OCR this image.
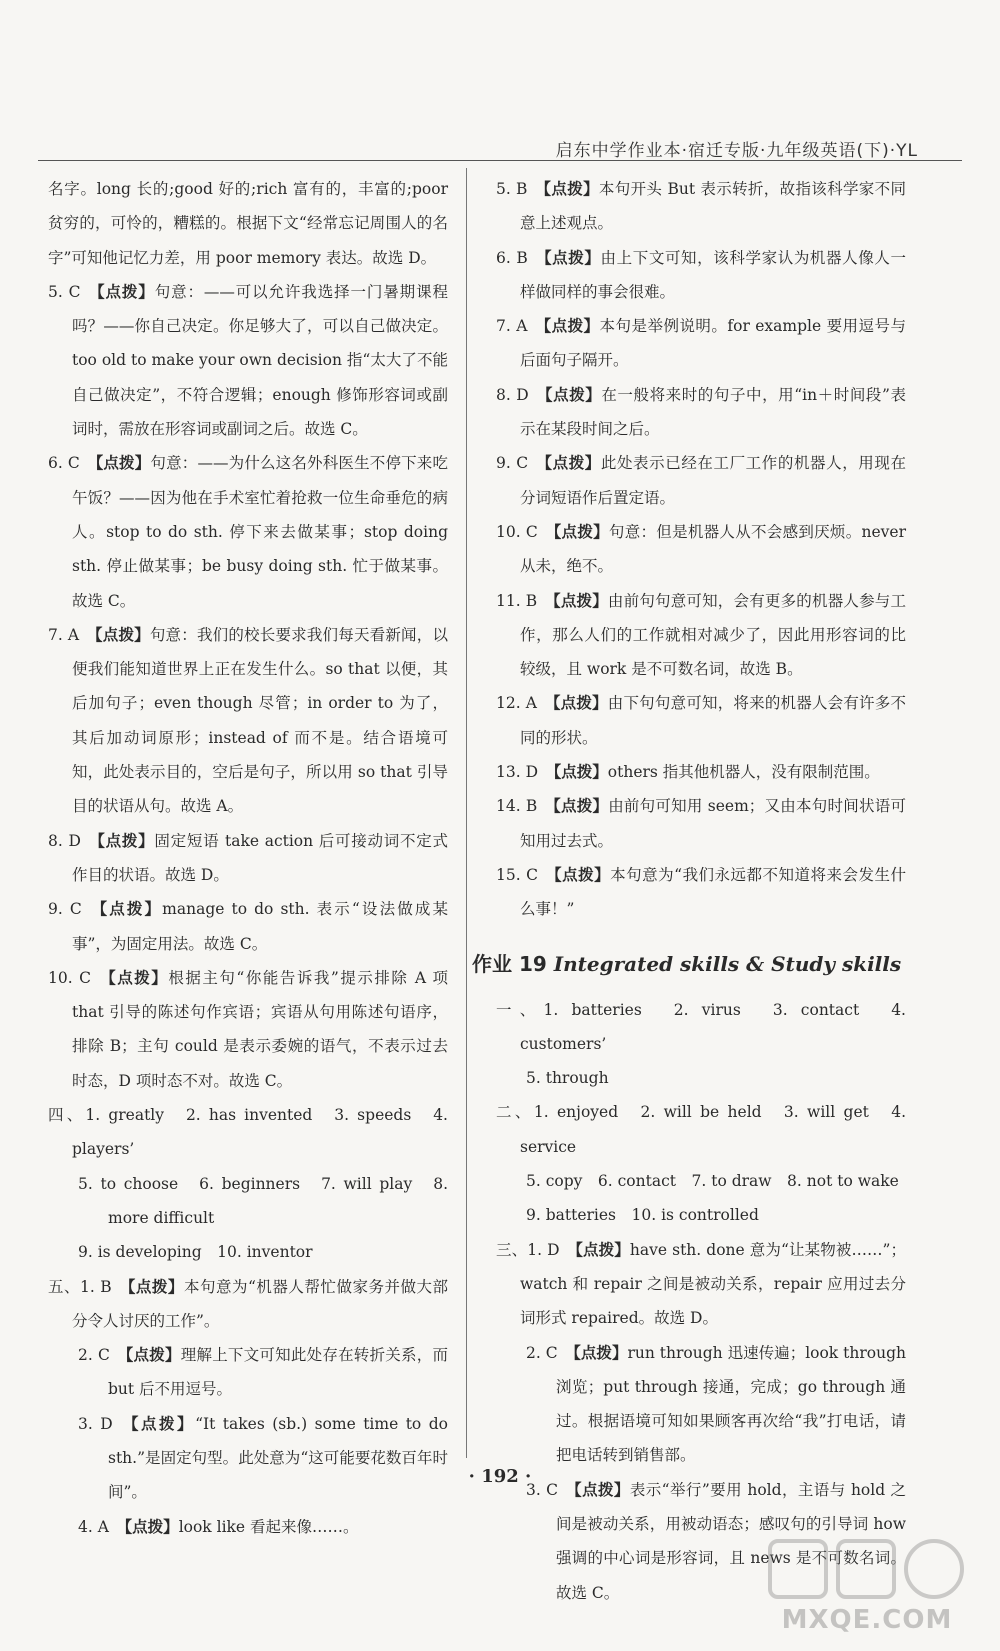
启东中学作业本·宿迁专版·九年级英语(下)·YL
名字。long 长的;good 好的;rich 富有的，丰富的;poor 贫穷的，可怜的，糟糕的。根据下文“经常忘记周围人的名字”可知他记忆力差，用 poor memory 表达。故选 D。
5. C  【点拨】句意：——可以允许我选择一门暑期课程吗？——你自己决定。你足够大了，可以自己做决定。too old to make your own decision 指“太大了不能自己做决定”，不符合逻辑；enough 修饰形容词或副词时，需放在形容词或副词之后。故选 C。
6. C  【点拨】句意：——为什么这名外科医生不停下来吃午饭？——因为他在手术室忙着抢救一位生命垂危的病人。stop to do sth. 停下来去做某事；stop doing sth. 停止做某事；be busy doing sth. 忙于做某事。故选 C。
7. A  【点拨】句意：我们的校长要求我们每天看新闻，以便我们能知道世界上正在发生什么。so that 以便，其后加句子；even though 尽管；in order to 为了，其后加动词原形；instead of 而不是。结合语境可知，此处表示目的，空后是句子，所以用 so that 引导目的状语从句。故选 A。
8. D  【点拨】固定短语 take action 后可接动词不定式作目的状语。故选 D。
9. C  【点拨】manage to do sth. 表示“设法做成某事”，为固定用法。故选 C。
10. C  【点拨】根据主句“你能告诉我”提示排除 A 项 that 引导的陈述句作宾语；宾语从句用陈述句语序，排除 B；主句 could 是表示委婉的语气，不表示过去时态，D 项时态不对。故选 C。
四、1. greatly　2. has invented　3. speeds　4. players’
5. to choose　6. beginners　7. will play　8. more difficult
9. is developing　10. inventor
五、1. B  【点拨】本句意为“机器人帮忙做家务并做大部分令人讨厌的工作”。
2. C  【点拨】理解上下文可知此处存在转折关系，而 but 后不用逗号。
3. D  【点拨】“It takes (sb.) some time to do sth.”是固定句型。此处意为“这可能要花数百年时间”。
4. A  【点拨】look like 看起来像……。
5. B  【点拨】本句开头 But 表示转折，故指该科学家不同意上述观点。
6. B  【点拨】由上下文可知，该科学家认为机器人像人一样做同样的事会很难。
7. A  【点拨】本句是举例说明。for example 要用逗号与后面句子隔开。
8. D  【点拨】在一般将来时的句子中，用“in＋时间段”表示在某段时间之后。
9. C  【点拨】此处表示已经在工厂工作的机器人，用现在分词短语作后置定语。
10. C  【点拨】句意：但是机器人从不会感到厌烦。never 从未，绝不。
11. B  【点拨】由前句句意可知，会有更多的机器人参与工作，那么人们的工作就相对减少了，因此用形容词的比较级，且 work 是不可数名词，故选 B。
12. A  【点拨】由下句句意可知，将来的机器人会有许多不同的形状。
13. D  【点拨】others 指其他机器人，没有限制范围。
14. B  【点拨】由前句可知用 seem；又由本句时间状语可知用过去式。
15. C  【点拨】本句意为“我们永远都不知道将来会发生什么事！”
作业 19 Integrated skills & Study skills
一、1. batteries　2. virus　3. contact　4. customers’
5. through
二、1. enjoyed　2. will be held　3. will get　4. service
5. copy　6. contact　7. to draw　8. not to wake
9. batteries　10. is controlled
三、1. D  【点拨】have sth. done 意为“让某物被……”；watch 和 repair 之间是被动关系，repair 应用过去分词形式 repaired。故选 D。
2. C  【点拨】run through 迅速传遍；look through 浏览；put through 接通，完成；go through 通过。根据语境可知如果顾客再次给“我”打电话，请把电话转到销售部。
3. C  【点拨】表示“举行”要用 hold，主语与 hold 之间是被动关系，用被动语态；感叹句的引导词 how 强调的中心词是形容词，且 news 是不可数名词。故选 C。
· 192 ·
MXQE.COM
